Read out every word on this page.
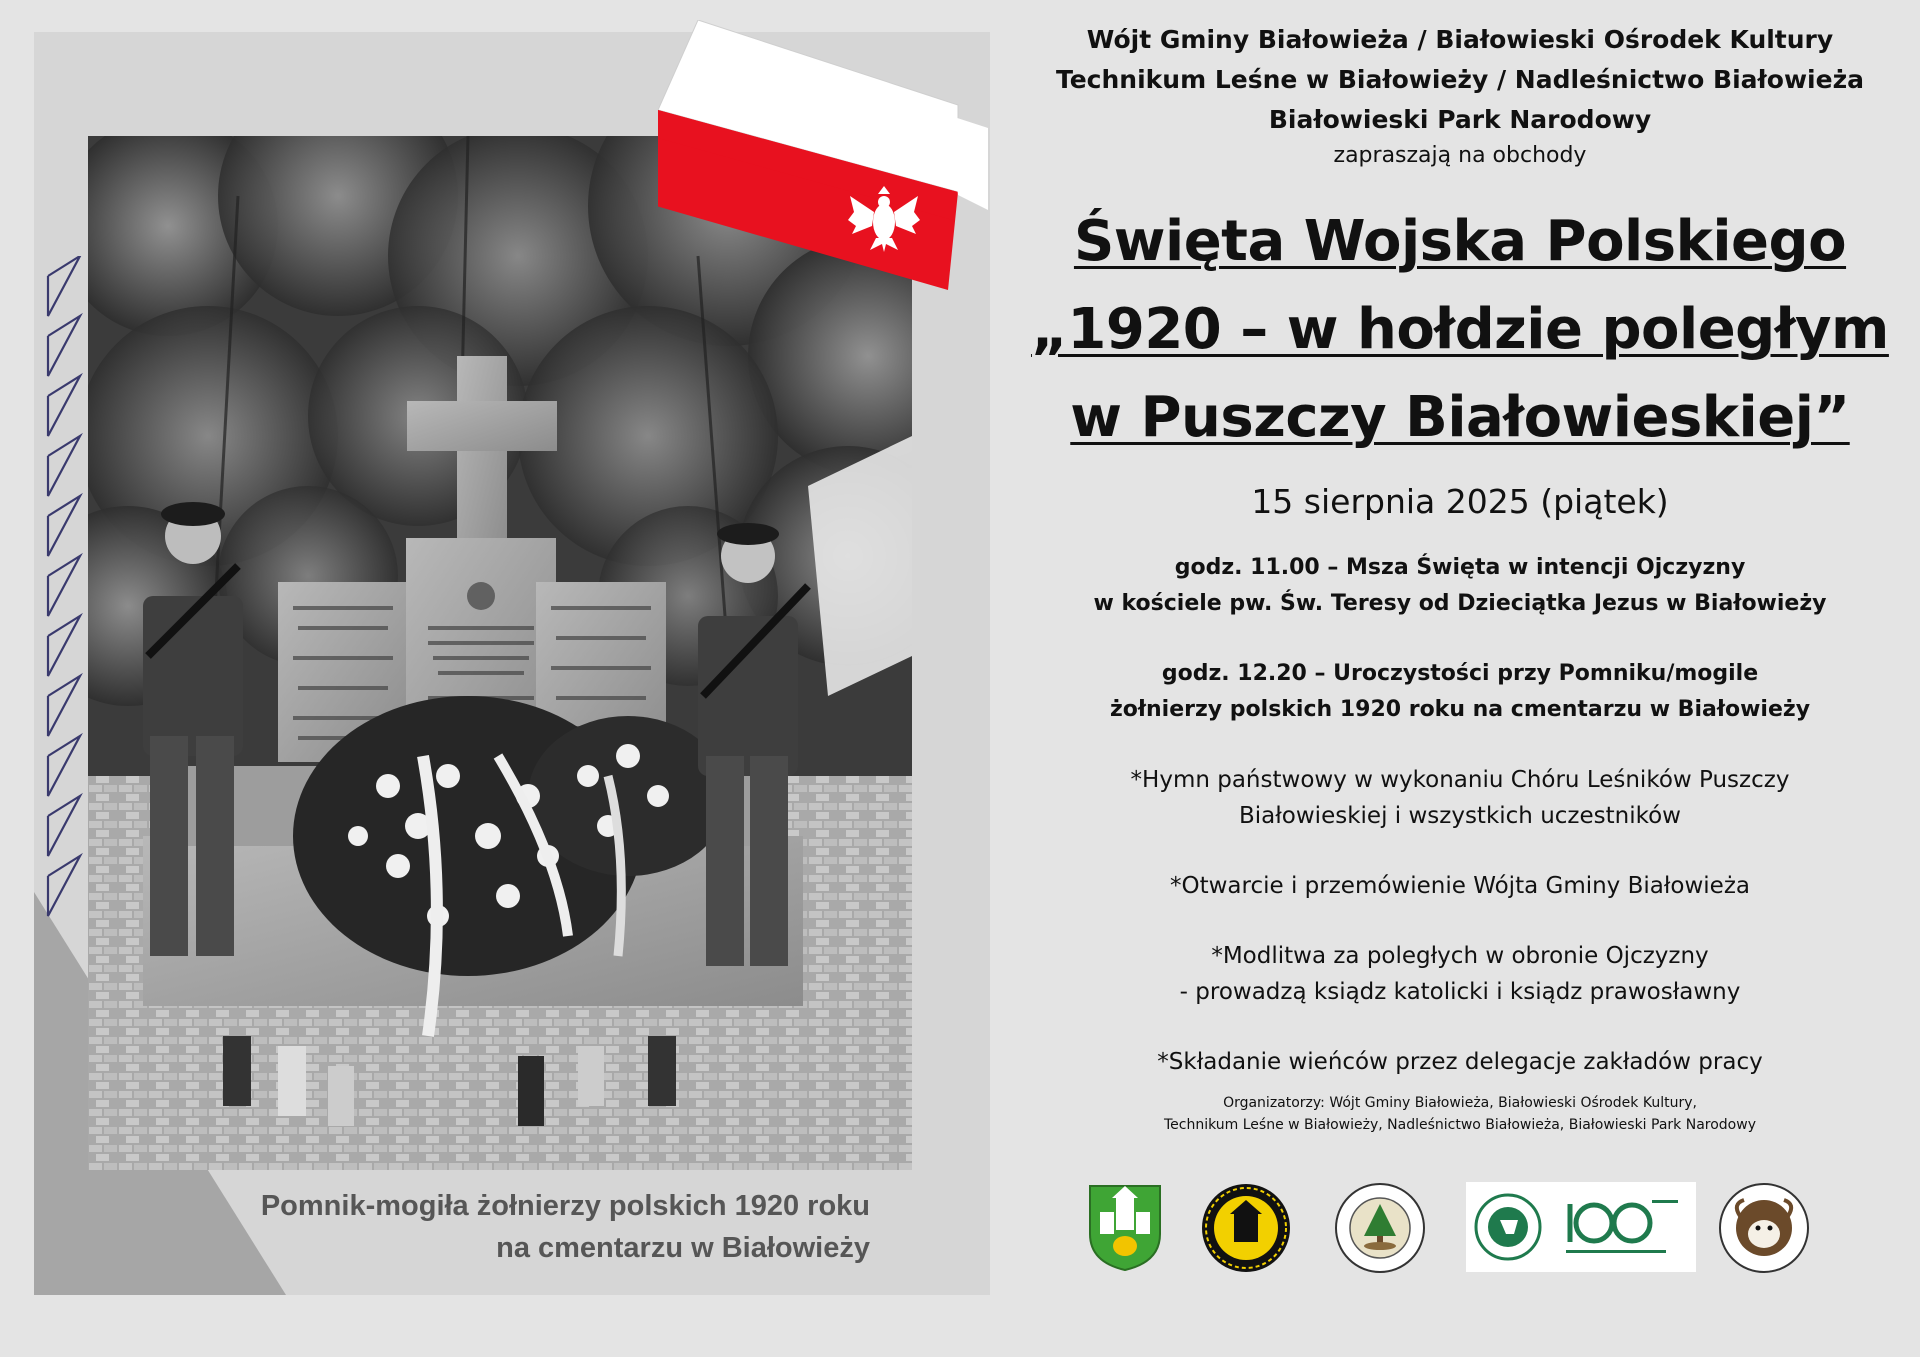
Pomnik-mogiła żołnierzy polskich 1920 roku
na cmentarzu w Białowieży
Wójt Gminy Białowieża / Białowieski Ośrodek Kultury
Technikum Leśne w Białowieży / Nadleśnictwo Białowieża
Białowieski Park Narodowy
zapraszają na obchody
Święta Wojska Polskiego
„1920 – w hołdzie poległym
w Puszczy Białowieskiej”
15 sierpnia 2025 (piątek)
godz. 11.00 – Msza Święta w intencji Ojczyzny
w kościele pw. Św. Teresy od Dzieciątka Jezus w Białowieży
godz. 12.20 – Uroczystości przy Pomniku/mogile
żołnierzy polskich 1920 roku na cmentarzu w Białowieży
*Hymn państwowy w wykonaniu Chóru Leśników Puszczy
Białowieskiej i wszystkich uczestników
*Otwarcie i przemówienie Wójta Gminy Białowieża
*Modlitwa za poległych w obronie Ojczyzny
- prowadzą ksiądz katolicki i ksiądz prawosławny
*Składanie wieńców przez delegacje zakładów pracy
Organizatorzy: Wójt Gminy Białowieża, Białowieski Ośrodek Kultury,
Technikum Leśne w Białowieży, Nadleśnictwo Białowieża, Białowieski Park Narodowy
